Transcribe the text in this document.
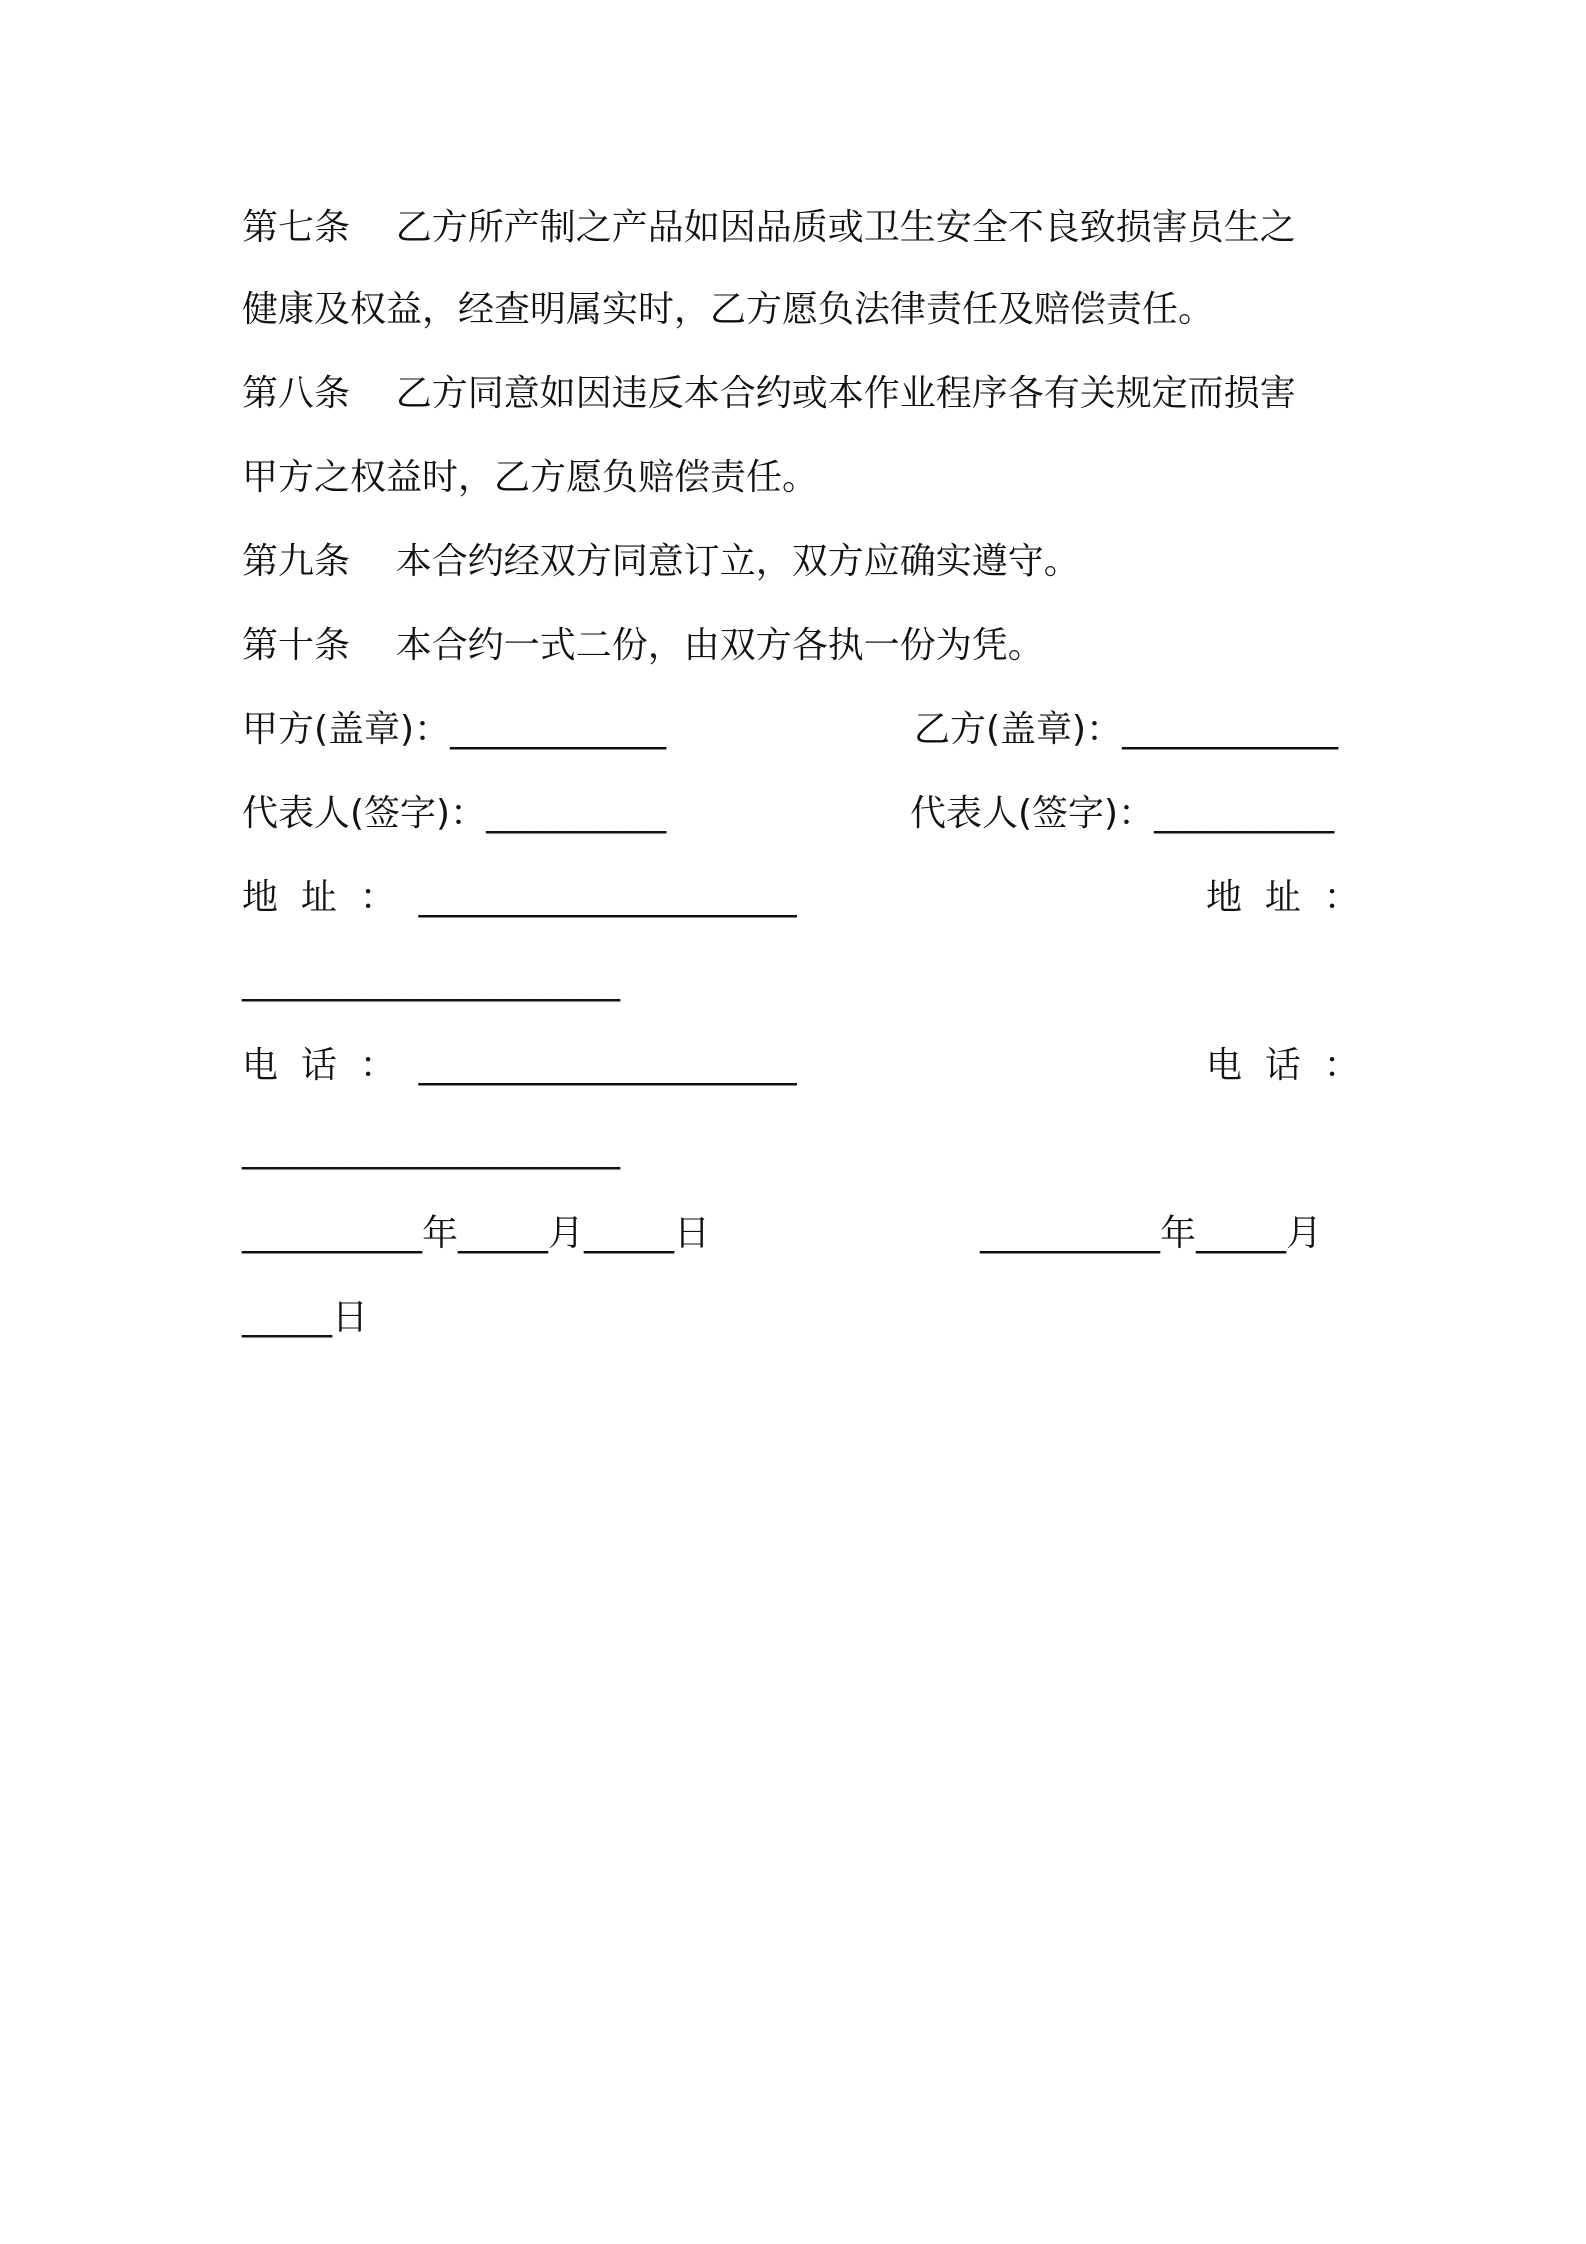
第七条    乙方所产制之产品如因品质或卫生安全不良致损害员生之
健康及权益，经查明属实时，乙方愿负法律责任及赔偿责任。
第八条    乙方同意如因违反本合约或本作业程序各有关规定而损害
甲方之权益时，乙方愿负赔偿责任。
第九条    本合约经双方同意订立，双方应确实遵守。
第十条    本合约一式二份，由双方各执一份为凭。
甲方(盖章)：____________	乙方(盖章)：____________
代表人(签字)：__________	代表人(签字)：__________
地  址  ：  _____________________	地  址  ：
_____________________
电  话  ：  _____________________	电  话  ：
_____________________
__________年_____月_____日	__________年_____月
_____日
